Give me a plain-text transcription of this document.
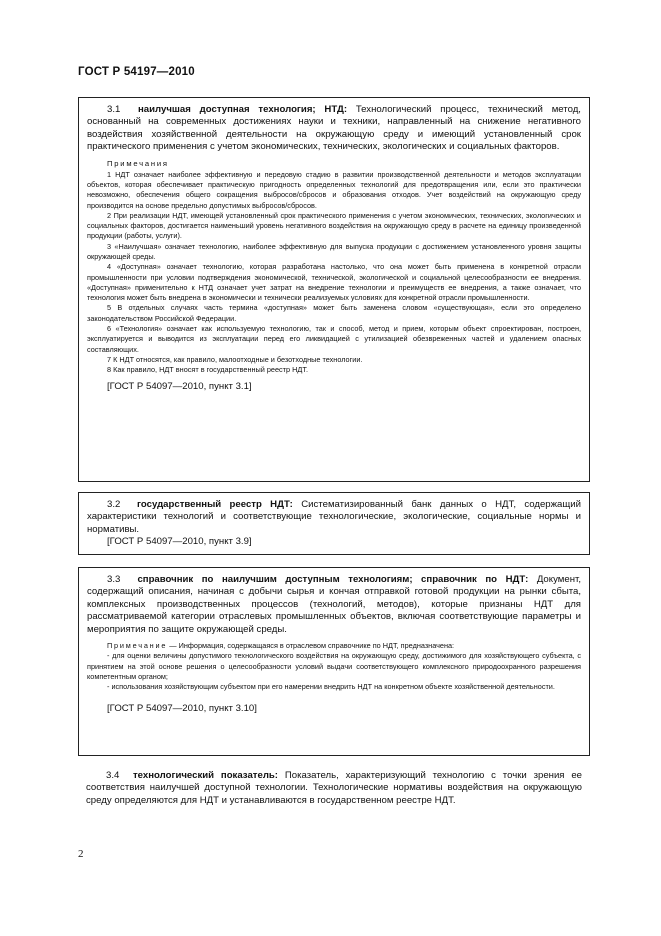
ГОСТ Р 54197—2010

3.1 наилучшая доступная технология; НТД: Технологический процесс, технический метод, основанный на современных достижениях науки и техники, направленный на снижение негативного воздействия хозяйственной деятельности на окружающую среду и имеющий установленный срок практического применения с учетом экономических, технических, экологических и социальных факторов.

Примечания

1 НДТ означает наиболее эффективную и передовую стадию в развитии производственной деятельности и методов эксплуатации объектов, которая обеспечивает практическую пригодность определенных технологий для предотвращения или, если это практически невозможно, обеспечения общего сокращения выбросов/сбросов и образования отходов. Учет воздействий на окружающую среду производится на основе предельно допустимых выбросов/сбросов.

2 При реализации НДТ, имеющей установленный срок практического применения с учетом экономических, технических, экологических и социальных факторов, достигается наименьший уровень негативного воздействия на окружающую среду в расчете на единицу произведенной продукции (работы, услуги).

3 «Наилучшая» означает технологию, наиболее эффективную для выпуска продукции с достижением установленного уровня защиты окружающей среды.

4 «Доступная» означает технологию, которая разработана настолько, что она может быть применена в конкретной отрасли промышленности при условии подтверждения экономической, технической, экологической и социальной целесообразности ее внедрения. «Доступная» применительно к НТД означает учет затрат на внедрение технологии и преимуществ ее внедрения, а также означает, что технология может быть внедрена в экономически и технически реализуемых условиях для конкретной отрасли промышленности.

5 В отдельных случаях часть термина «доступная» может быть заменена словом «существующая», если это определено законодательством Российской Федерации.

6 «Технология» означает как используемую технологию, так и способ, метод и прием, которым объект спроектирован, построен, эксплуатируется и выводится из эксплуатации перед его ликвидацией с утилизацией обезвреженных частей и удалением опасных составляющих.

7 К НДТ относятся, как правило, малоотходные и безотходные технологии.

8 Как правило, НДТ вносят в государственный реестр НДТ.

[ГОСТ Р 54097—2010, пункт 3.1]

3.2 государственный реестр НДТ: Систематизированный банк данных о НДТ, содержащий характеристики технологий и соответствующие технологические, экологические, социальные нормы и нормативы.

[ГОСТ Р 54097—2010, пункт 3.9]

3.3 справочник по наилучшим доступным технологиям; справочник по НДТ: Документ, содержащий описания, начиная с добычи сырья и кончая отправкой готовой продукции на рынки сбыта, комплексных производственных процессов (технологий, методов), которые признаны НДТ для рассматриваемой категории отраслевых промышленных объектов, включая соответствующие параметры и мероприятия по защите окружающей среды.

Примечание — Информация, содержащаяся в отраслевом справочнике по НДТ, предназначена:

- для оценки величины допустимого технологического воздействия на окружающую среду, достижимого для хозяйствующего субъекта, с принятием на этой основе решения о целесообразности условий выдачи соответствующего комплексного природоохранного разрешения компетентным органом;

- использования хозяйствующим субъектом при его намерении внедрить НДТ на конкретном объекте хозяйственной деятельности.

[ГОСТ Р 54097—2010, пункт 3.10]

3.4 технологический показатель: Показатель, характеризующий технологию с точки зрения ее соответствия наилучшей доступной технологии. Технологические нормативы воздействия на окружающую среду определяются для НДТ и устанавливаются в государственном реестре НДТ.

2
